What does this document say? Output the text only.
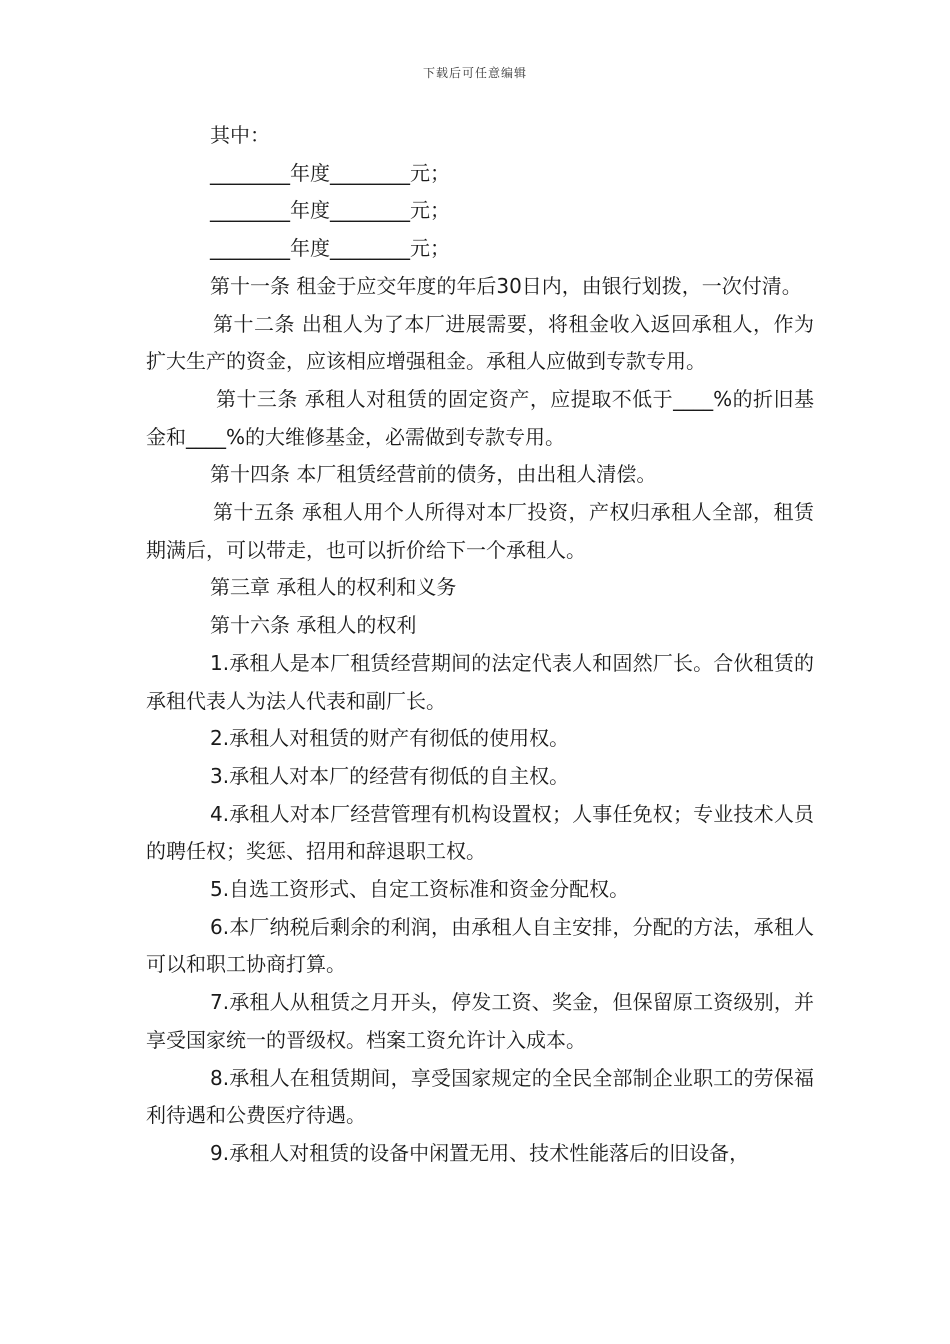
下载后可任意编辑

其中：

________年度________元；

________年度________元；

________年度________元；

第十一条 租金于应交年度的年后30日内，由银行划拨，一次付清。

第十二条 出租人为了本厂进展需要，将租金收入返回承租人，作为扩大生产的资金，应该相应增强租金。承租人应做到专款专用。

第十三条 承租人对租赁的固定资产，应提取不低于____%的折旧基金和____%的大维修基金，必需做到专款专用。

第十四条 本厂租赁经营前的债务，由出租人清偿。

第十五条 承租人用个人所得对本厂投资，产权归承租人全部，租赁期满后，可以带走，也可以折价给下一个承租人。

第三章 承租人的权利和义务

第十六条 承租人的权利

1.承租人是本厂租赁经营期间的法定代表人和固然厂长。合伙租赁的承租代表人为法人代表和副厂长。

2.承租人对租赁的财产有彻低的使用权。

3.承租人对本厂的经营有彻低的自主权。

4.承租人对本厂经营管理有机构设置权；人事任免权；专业技术人员的聘任权；奖惩、招用和辞退职工权。

5.自选工资形式、自定工资标准和资金分配权。

6.本厂纳税后剩余的利润，由承租人自主安排，分配的方法，承租人可以和职工协商打算。

7.承租人从租赁之月开头，停发工资、奖金，但保留原工资级别，并享受国家统一的晋级权。档案工资允许计入成本。

8.承租人在租赁期间，享受国家规定的全民全部制企业职工的劳保福利待遇和公费医疗待遇。

9.承租人对租赁的设备中闲置无用、技术性能落后的旧设备，
